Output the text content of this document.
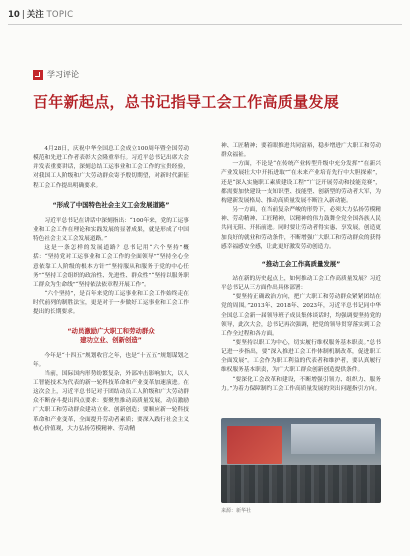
10 | 关注 TOPIC
学习评论
百年新起点，总书记指导工会工作高质量发展

4月28日，庆祝中华全国总工会成立100周年暨全国劳动模范和先进工作者表彰大会隆重举行。习近平总书记出席大会并发表重要讲话，深刻总结工运事业和工会工作的宝贵经验，对我国工人阶级和广大劳动群众寄予殷切期望，对新时代新征程工会工作提出明确要求。

“形成了中国特色社会主义工会发展道路”

习近平总书记在讲话中深刻指出：“100年来，党的工运事业和工会工作在理论和实践发展的显著成果，就是形成了中国特色社会主义工会发展道路。”

这是一条怎样的发展道路？总书记用“六个坚持”概括：“坚持党对工运事业和工会工作的全面领导”“坚持全心全意依靠工人阶级的根本方针”“坚持服从和服务于党的中心任务”“坚持工会组织的政治性、先进性、群众性”“坚持以服务职工群众为生命线”“坚持依法依章程开展工作”。

“六个坚持”，是百年来党的工运事业和工会工作始终走在时代前列的制胜法宝，更是对于一步做好工运事业和工会工作提出的长期要求。

“动员激励广大职工和劳动群众
建功立业、创新创造”

今年是“十四五”规划收官之年，也是“十五五”规划谋划之年。

当前，国际国内形势纷繁复杂，外部冲击影响加大，以人工智能技术为代表的新一轮科技革命和产业变革加速演进。在这次会上，习近平总书记对于团结动员工人阶级和广大劳动群众不断奋斗提出四点要求：要聚焦推动高质量发展，动员激励广大职工和劳动群众建功立业、创新创造；要顺应新一轮科技革命和产业变革，全面提升劳动者素质；要深入践行社会主义核心价值观，大力弘扬劳模精神、劳动精

神、工匠精神；要着眼推进共同富裕，稳步增进广大职工和劳动群众福祉。

一方面，不论是“在传统产业转型升级中充分发挥”“在新兴产业发展壮大中开拓进取”“在未来产业培育先行中大胆探索”，还是“深入实施职工素质建设工程”“广泛开展劳动和技能竞赛”，都需要加快建设一支知识型、技能型、创新型的劳动者大军，为构建新发展格局、推动高质量发展不断注入新动能。

另一方面，在当前复杂严峻的形势下，必须大力弘扬劳模精神、劳动精神、工匠精神，以精神的伟力鼓舞全党全国各族人民共同无阻、开拓前进。同时要让劳动者得实惠、享发展，创造更加良好的就业和劳动条件，不断增强广大职工和劳动群众的获得感幸福感安全感，让此更好激发劳动创造力。

“推动工会工作高质量发展”

站在新的历史起点上，如何推动工会工作高质量发展？习近平总书记从三方面作出具体部署：

“要坚持正确政治方向，把广大职工和劳动群众紧紧团结在党的周围。”2013年、2018年、2023年，习近平总书记同中华全国总工会新一届领导班子成员集体谈话时，均强调要坚持党的领导，此次大会，总书记再次强调，把党的领导贯穿落实到工会工作全过程和各方面。

“要坚持以职工为中心，切实履行维权服务基本职责。”总书记进一步指出，要“深入推进工会工作体制机制改革，促进职工全面发展”。工会作为职工利益的代表者和维护者，要认真履行维权服务基本职责，为广大职工群众创新创造提供条件。

“要深化工会改革和建设，不断增强引领力、组织力、服务力。”为着力保障制约工会工作高质量发展的突出问题指引方向。

来源：新华社
